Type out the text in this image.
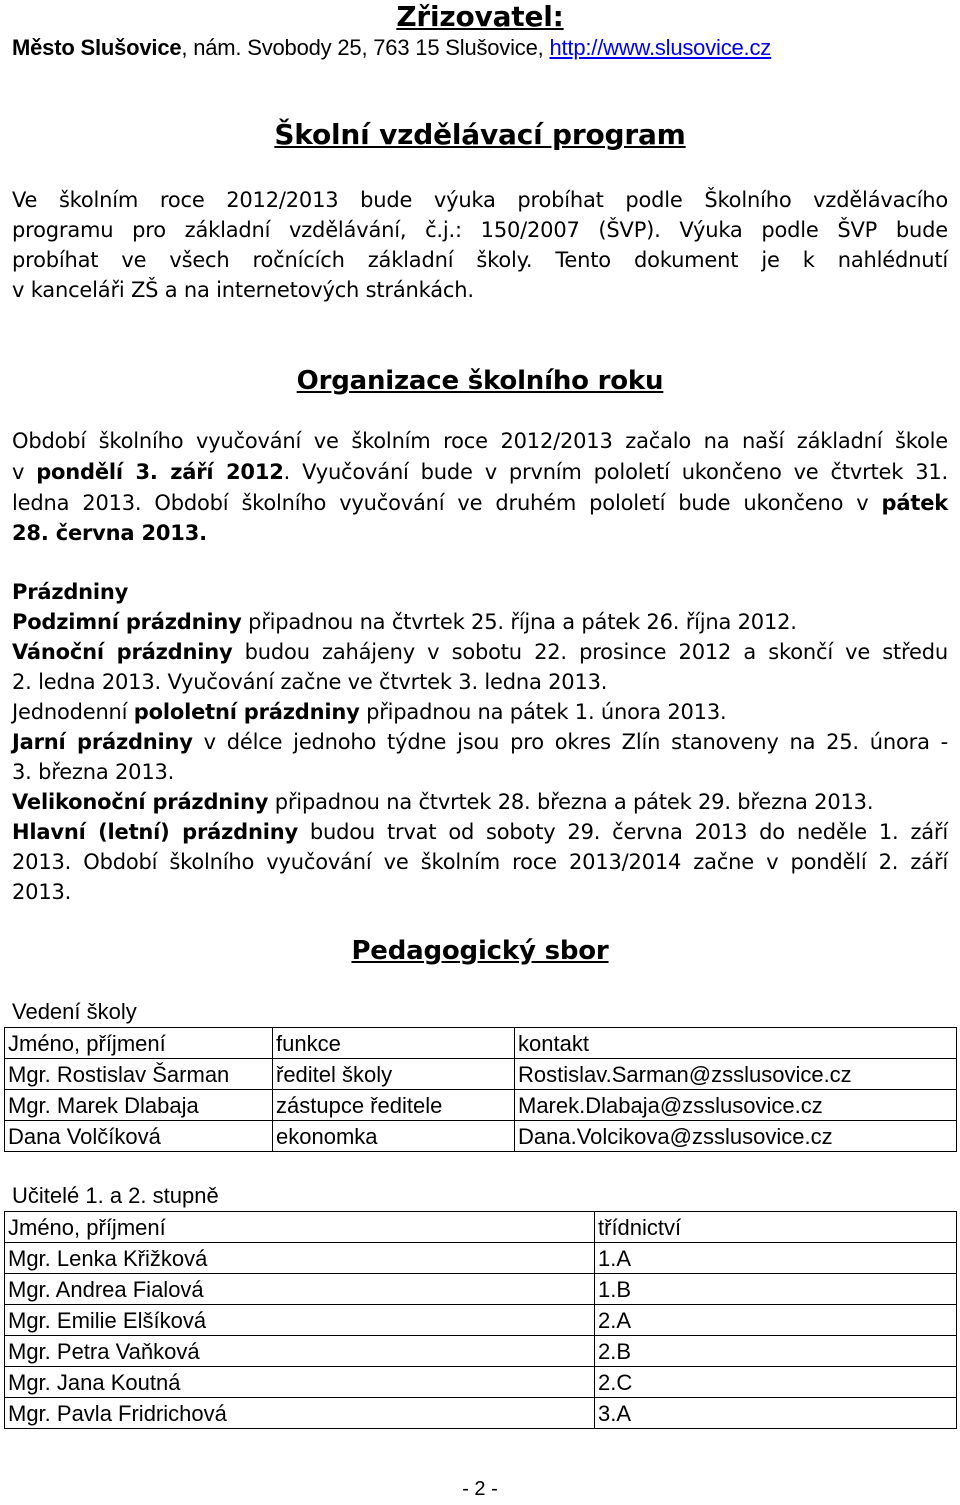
Zřizovatel:
Město Slušovice, nám. Svobody 25, 763 15 Slušovice, http://www.slusovice.cz
Školní vzdělávací program
Ve školním roce 2012/2013 bude výuka probíhat podle Školního vzdělávacího
programu pro základní vzdělávání, č.j.: 150/2007 (ŠVP). Výuka podle ŠVP bude
probíhat ve všech ročnících základní školy. Tento dokument je k nahlédnutí
v kanceláři ZŠ a na internetových stránkách.
Organizace školního roku
Období školního vyučování ve školním roce 2012/2013 začalo na naší základní škole
v pondělí 3. září 2012. Vyučování bude v prvním pololetí ukončeno ve čtvrtek 31.
ledna 2013. Období školního vyučování ve druhém pololetí bude ukončeno v pátek
28. června 2013.
Prázdniny
Podzimní prázdniny připadnou na čtvrtek 25. října a pátek 26. října 2012.
Vánoční prázdniny budou zahájeny v sobotu 22. prosince 2012 a skončí ve středu
2. ledna 2013. Vyučování začne ve čtvrtek 3. ledna 2013.
Jednodenní pololetní prázdniny připadnou na pátek 1. února 2013.
Jarní prázdniny v délce jednoho týdne jsou pro okres Zlín stanoveny na 25. února -
3. března 2013.
Velikonoční prázdniny připadnou na čtvrtek 28. března a pátek 29. března 2013.
Hlavní (letní) prázdniny budou trvat od soboty 29. června 2013 do neděle 1. září
2013. Období školního vyučování ve školním roce 2013/2014 začne v pondělí 2. září
2013.
Pedagogický sbor
Vedení školy
Jméno, příjmení	funkce	kontakt
Mgr. Rostislav Šarman	ředitel školy	Rostislav.Sarman@zsslusovice.cz
Mgr. Marek Dlabaja	zástupce ředitele	Marek.Dlabaja@zsslusovice.cz
Dana Volčíková	ekonomka	Dana.Volcikova@zsslusovice.cz
Učitelé 1. a 2. stupně
Jméno, příjmení	třídnictví
Mgr. Lenka Křižková	1.A
Mgr. Andrea Fialová	1.B
Mgr. Emilie Elšíková	2.A
Mgr. Petra Vaňková	2.B
Mgr. Jana Koutná	2.C
Mgr. Pavla Fridrichová	3.A
- 2 -
